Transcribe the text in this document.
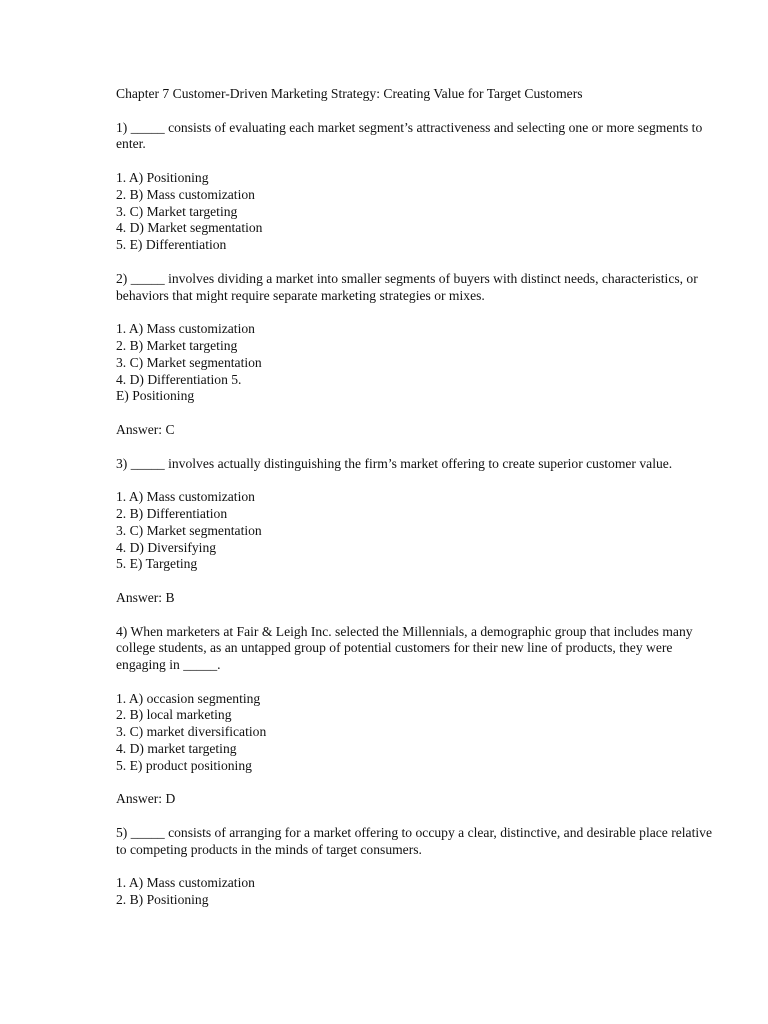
Chapter 7 Customer-Driven Marketing Strategy: Creating Value for Target Customers
1) _____ consists of evaluating each market segment’s attractiveness and selecting one or more segments to enter.
1. A) Positioning
2. B) Mass customization
3. C) Market targeting
4. D) Market segmentation
5. E) Differentiation
2) _____ involves dividing a market into smaller segments of buyers with distinct needs, characteristics, or behaviors that might require separate marketing strategies or mixes.
1. A) Mass customization
2. B) Market targeting
3. C) Market segmentation
4. D) Differentiation 5.
E) Positioning
Answer: C
3) _____ involves actually distinguishing the firm’s market offering to create superior customer value.
1. A) Mass customization
2. B) Differentiation
3. C) Market segmentation
4. D) Diversifying
5. E) Targeting
Answer: B
4) When marketers at Fair & Leigh Inc. selected the Millennials, a demographic group that includes many college students, as an untapped group of potential customers for their new line of products, they were engaging in _____.
1. A) occasion segmenting
2. B) local marketing
3. C) market diversification
4. D) market targeting
5. E) product positioning
Answer: D
5) _____ consists of arranging for a market offering to occupy a clear, distinctive, and desirable place relative to competing products in the minds of target consumers.
1. A) Mass customization
2. B) Positioning
